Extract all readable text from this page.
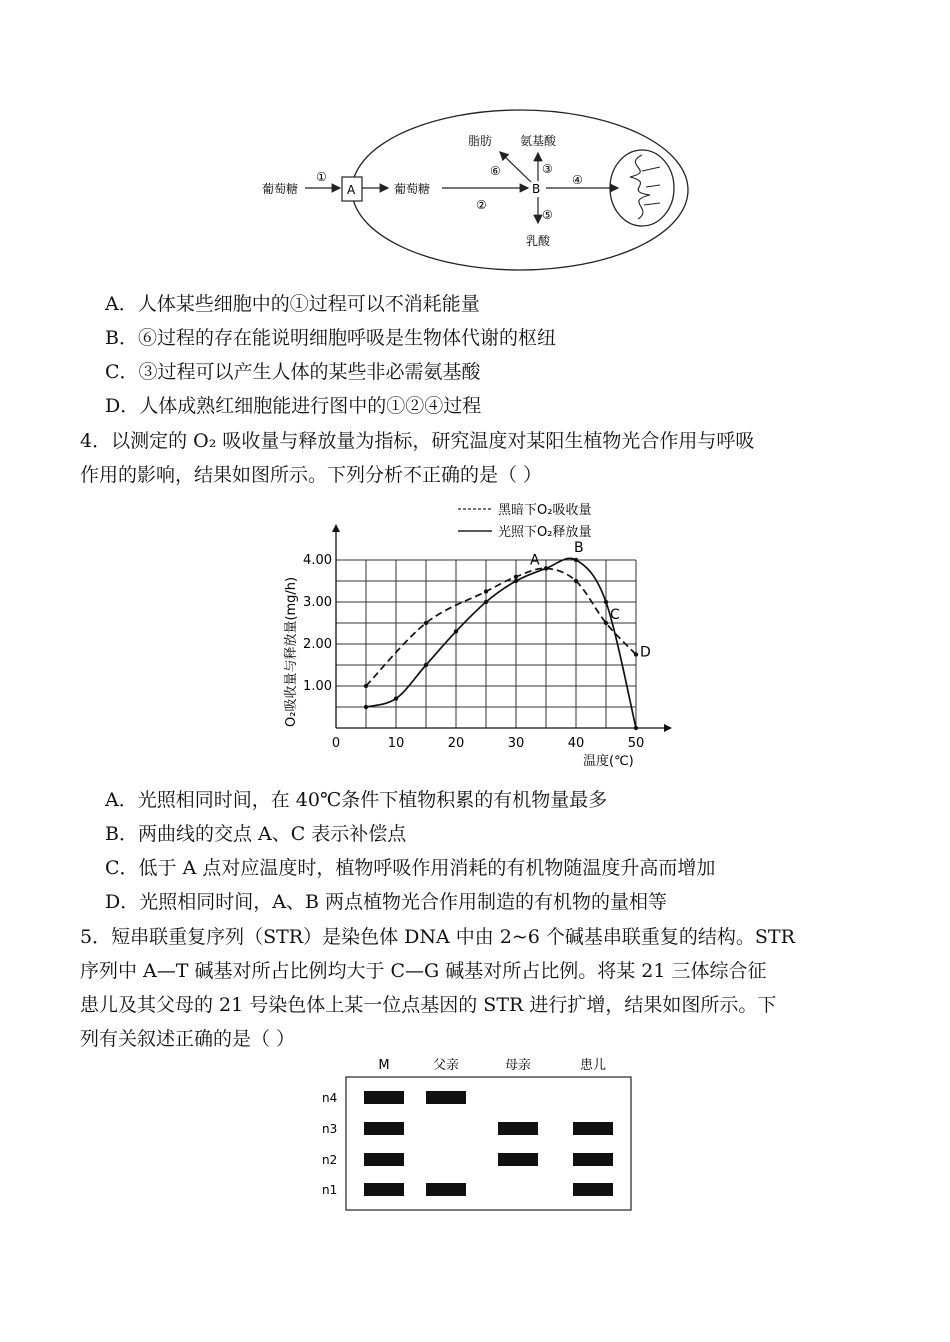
葡萄糖
①
A	葡萄糖
②
B
③
氨基酸
⑥
脂肪
⑤
乳酸
④
A．人体某些细胞中的①过程可以不消耗能量
B．⑥过程的存在能说明细胞呼吸是生物体代谢的枢纽
C．③过程可以产生人体的某些非必需氨基酸
D．人体成熟红细胞能进行图中的①②④过程
4．以测定的 O₂ 吸收量与释放量为指标，研究温度对某阳生植物光合作用与呼吸
作用的影响，结果如图所示。下列分析不正确的是（ ）
黑暗下O₂吸收量
光照下O₂释放量
A
B
C
D
0	10	20	30	40	50
1.00
2.00
3.00
4.00
温度(℃)
O₂吸收量与释放量(mg/h)
A．光照相同时间，在 40℃条件下植物积累的有机物量最多
B．两曲线的交点 A、C 表示补偿点
C．低于 A 点对应温度时，植物呼吸作用消耗的有机物随温度升高而增加
D．光照相同时间，A、B 两点植物光合作用制造的有机物的量相等
5．短串联重复序列（STR）是染色体 DNA 中由 2~6 个碱基串联重复的结构。STR
序列中 A—T 碱基对所占比例均大于 C—G 碱基对所占比例。将某 21 三体综合征
患儿及其父母的 21 号染色体上某一位点基因的 STR 进行扩增，结果如图所示。下
列有关叙述正确的是（ ）
M	父亲	母亲	患儿
n4
n3
n2
n1
